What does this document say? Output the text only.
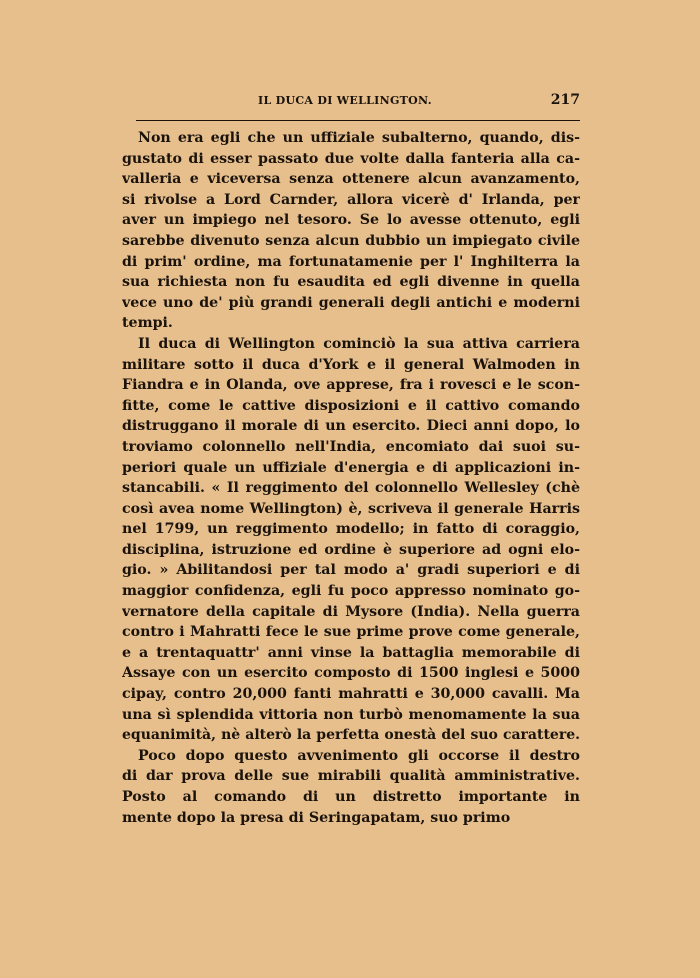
IL DUCA DI WELLINGTON.	217
Non era egli che un uffiziale subalterno, quando, dis-
gustato di esser passato due volte dalla fanteria alla ca-
valleria e viceversa senza ottenere alcun avanzamento,
si rivolse a Lord Carnder, allora vicerè d' Irlanda, per
aver un impiego nel tesoro. Se lo avesse ottenuto, egli
sarebbe divenuto senza alcun dubbio un impiegato civile
di prim' ordine, ma fortunatamenie per l' Inghilterra la
sua richiesta non fu esaudita ed egli divenne in quella
vece uno de' più grandi generali degli antichi e moderni
tempi.
Il duca di Wellington cominciò la sua attiva carriera
militare sotto il duca d'York e il general Walmoden in
Fiandra e in Olanda, ove apprese, fra i rovesci e le scon-
fitte, come le cattive disposizioni e il cattivo comando
distruggano il morale di un esercito. Dieci anni dopo, lo
troviamo colonnello nell'India, encomiato dai suoi su-
periori quale un uffiziale d'energia e di applicazioni in-
stancabili. « Il reggimento del colonnello Wellesley (chè
così avea nome Wellington) è, scriveva il generale Harris
nel 1799, un reggimento modello; in fatto di coraggio,
disciplina, istruzione ed ordine è superiore ad ogni elo-
gio. » Abilitandosi per tal modo a' gradi superiori e di
maggior confidenza, egli fu poco appresso nominato go-
vernatore della capitale di Mysore (India). Nella guerra
contro i Mahratti fece le sue prime prove come generale,
e a trentaquattr' anni vinse la battaglia memorabile di
Assaye con un esercito composto di 1500 inglesi e 5000
cipay, contro 20,000 fanti mahratti e 30,000 cavalli. Ma
una sì splendida vittoria non turbò menomamente la sua
equanimità, nè alterò la perfetta onestà del suo carattere.
Poco dopo questo avvenimento gli occorse il destro
di dar prova delle sue mirabili qualità amministrative.
Posto al comando di un distretto importante in
mente dopo la presa di Seringapatam, suo primo
